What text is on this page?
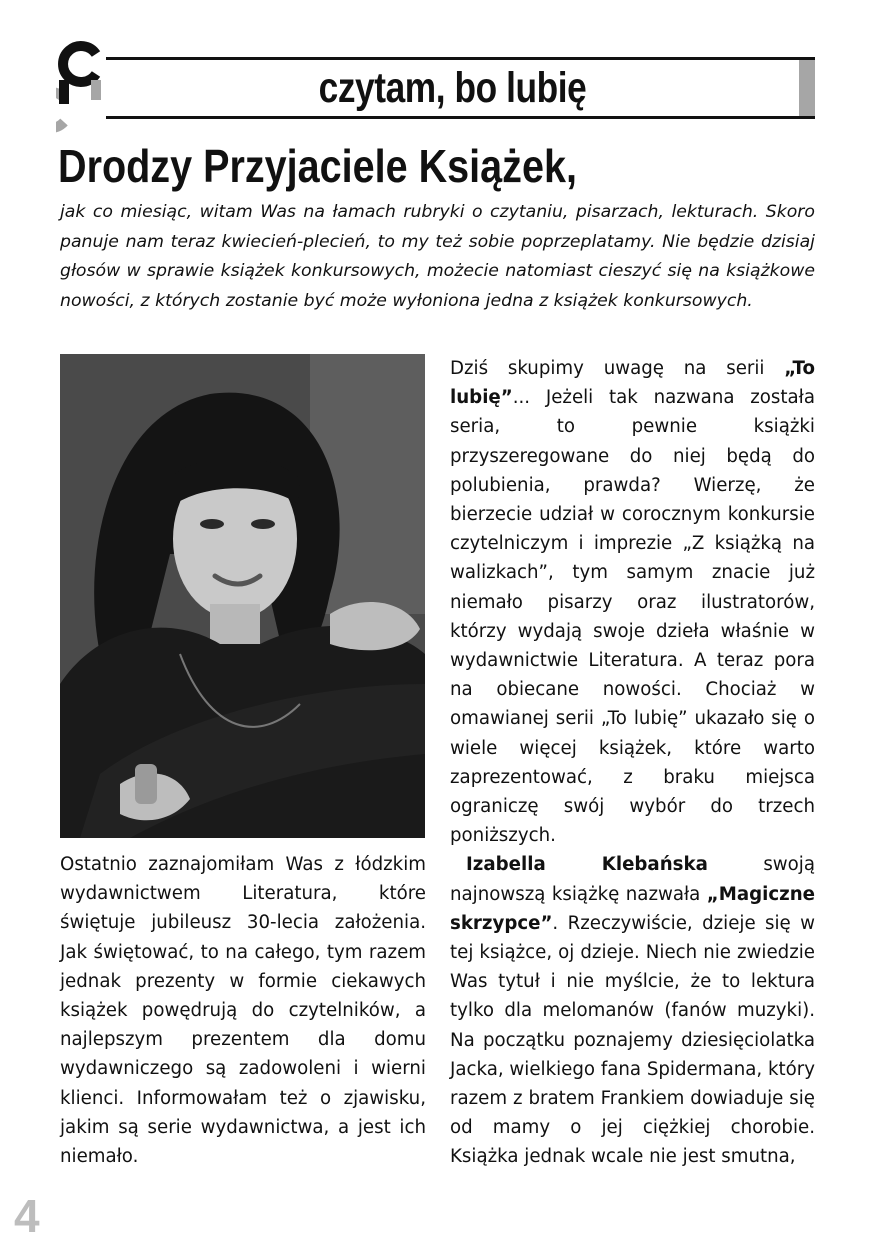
czytam, bo lubię
Drodzy Przyjaciele Książek,
jak co miesiąc, witam Was na łamach rubryki o czytaniu, pisarzach, lekturach. Skoro panuje nam teraz kwiecień-plecień, to my też sobie poprzeplatamy. Nie będzie dzisiaj głosów w sprawie książek konkursowych, możecie natomiast cieszyć się na książkowe nowości, z których zostanie być może wyłoniona jedna z książek konkursowych.

Ostatnio zaznajomiłam Was z łódzkim wydawnictwem Literatura, które świętuje jubileusz 30-lecia założenia. Jak świętować, to na całego, tym razem jednak prezenty w formie ciekawych książek powędrują do czytelników, a najlepszym prezentem dla domu wydawniczego są zadowoleni i wierni klienci. Informowałam też o zjawisku, jakim są serie wydawnictwa, a jest ich niemało.

Dziś skupimy uwagę na serii „To lubię”... Jeżeli tak nazwana została seria, to pewnie książki przyszeregowane do niej będą do polubienia, prawda? Wierzę, że bierzecie udział w corocznym konkursie czytelniczym i imprezie „Z książką na walizkach”, tym samym znacie już niemało pisarzy oraz ilustratorów, którzy wydają swoje dzieła właśnie w wydawnictwie Literatura. A teraz pora na obiecane nowości. Chociaż w omawianej serii „To lubię” ukazało się o wiele więcej książek, które warto zaprezentować, z braku miejsca ograniczę swój wybór do trzech poniższych.

Izabella Klebańska swoją najnowszą książkę nazwała „Magiczne skrzypce”. Rzeczywiście, dzieje się w tej książce, oj dzieje. Niech nie zwiedzie Was tytuł i nie myślcie, że to lektura tylko dla melomanów (fanów muzyki). Na początku poznajemy dziesięciolatka Jacka, wielkiego fana Spidermana, który razem z bratem Frankiem dowiaduje się od mamy o jej ciężkiej chorobie. Książka jednak wcale nie jest smutna,

4
